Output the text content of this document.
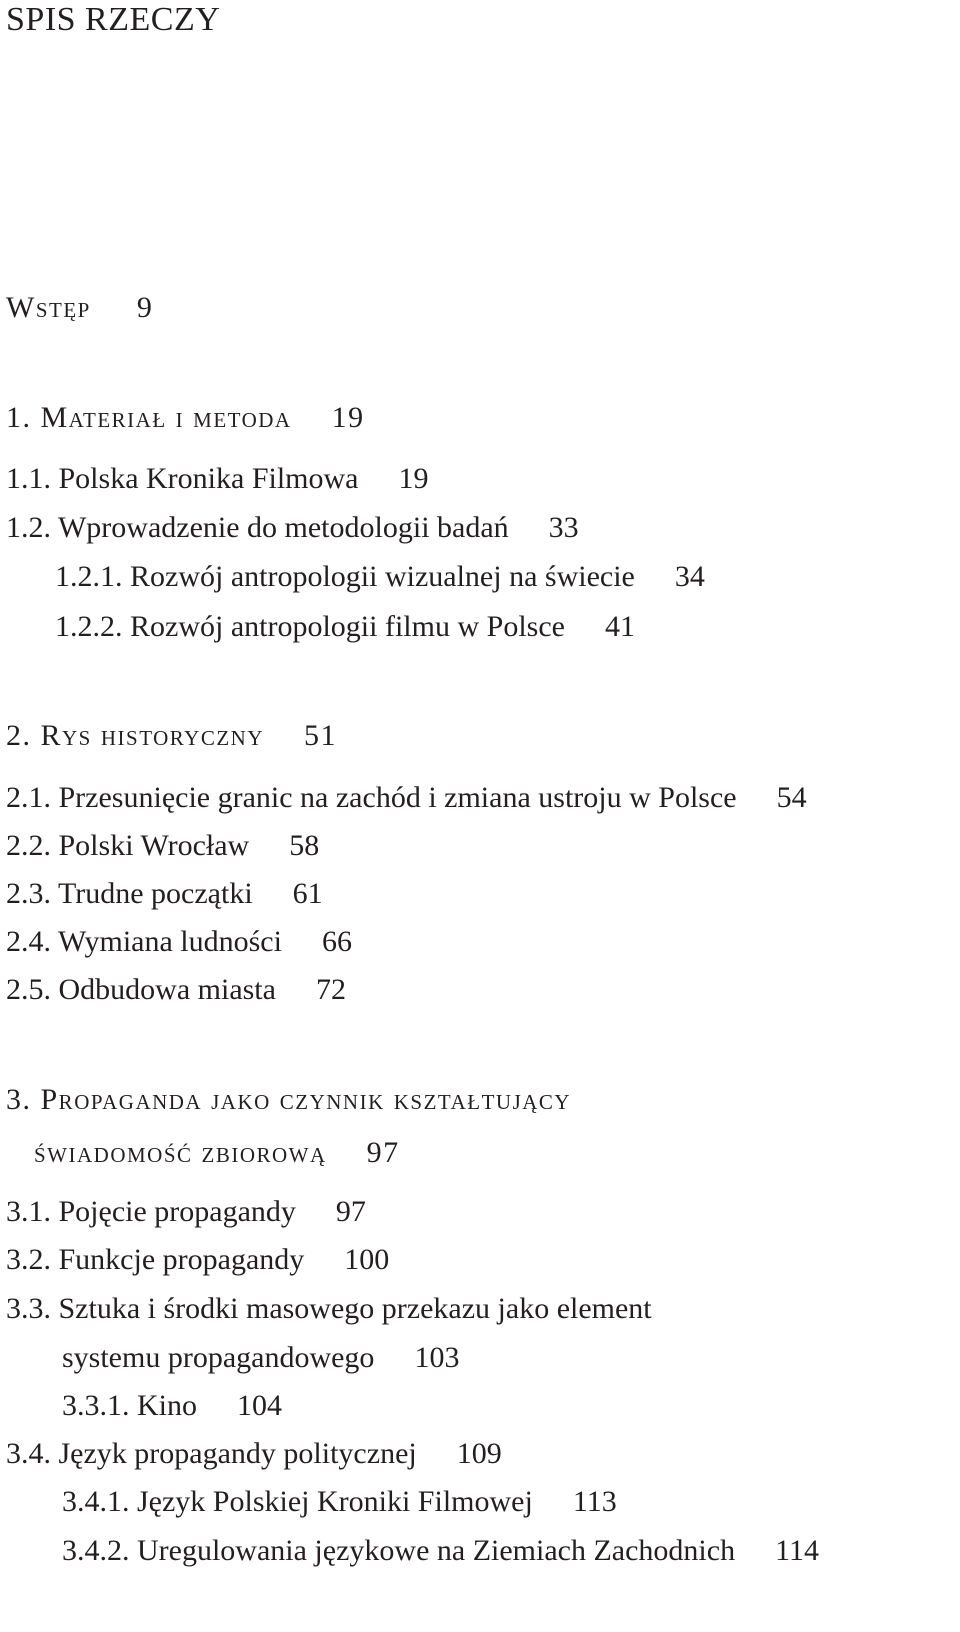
SPIS RZECZY
Wstęp 9
1. Materiał i metoda 19
1.1. Polska Kronika Filmowa 19
1.2. Wprowadzenie do metodologii badań 33
1.2.1. Rozwój antropologii wizualnej na świecie 34
1.2.2. Rozwój antropologii filmu w Polsce 41
2. Rys historyczny 51
2.1. Przesunięcie granic na zachód i zmiana ustroju w Polsce 54
2.2. Polski Wrocław 58
2.3. Trudne początki 61
2.4. Wymiana ludności 66
2.5. Odbudowa miasta 72
3. Propaganda jako czynnik kształtujący
świadomość zbiorową 97
3.1. Pojęcie propagandy 97
3.2. Funkcje propagandy 100
3.3. Sztuka i środki masowego przekazu jako element
systemu propagandowego 103
3.3.1. Kino 104
3.4. Język propagandy politycznej 109
3.4.1. Język Polskiej Kroniki Filmowej 113
3.4.2. Uregulowania językowe na Ziemiach Zachodnich 114
